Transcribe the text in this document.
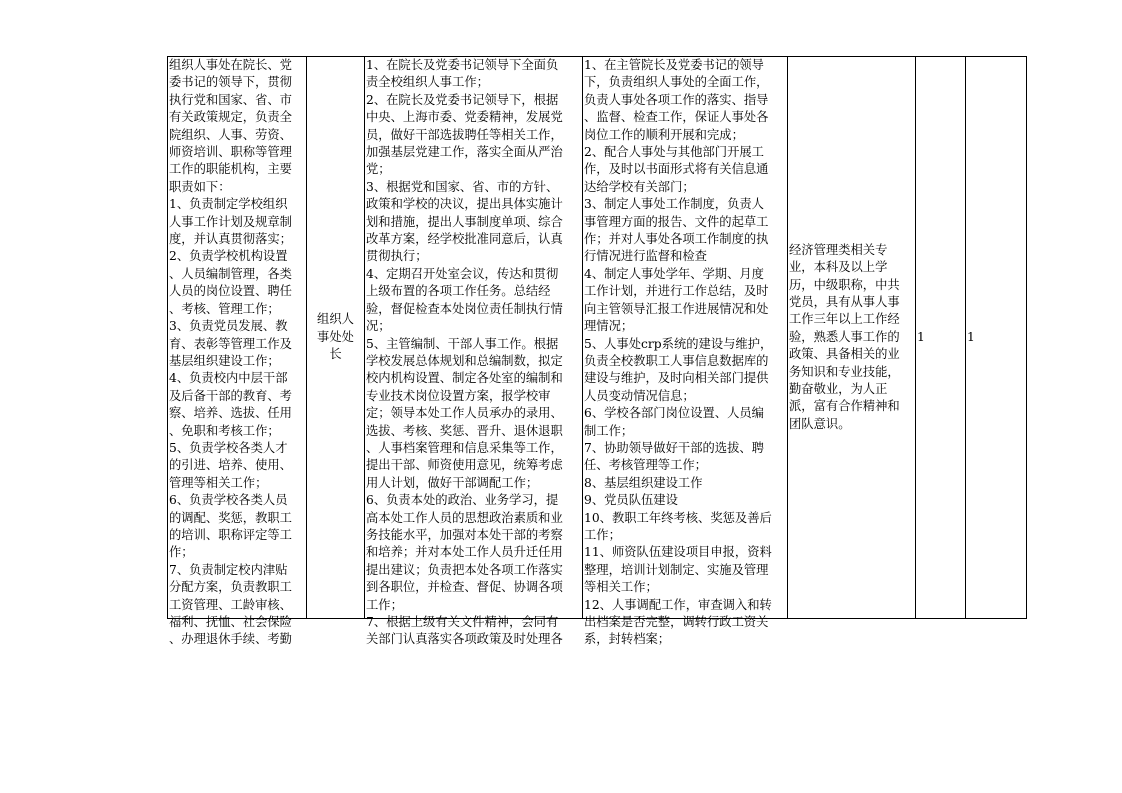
组织人事处在院长、党
委书记的领导下，贯彻
执行党和国家、省、市
有关政策规定，负责全
院组织、人事、劳资、
师资培训、职称等管理
工作的职能机构，主要
职责如下：
1、负责制定学校组织
人事工作计划及规章制
度，并认真贯彻落实；
2、负责学校机构设置
、人员编制管理，各类
人员的岗位设置、聘任
、考核、管理工作；
3、负责党员发展、教
育、表彰等管理工作及
基层组织建设工作；
4、负责校内中层干部
及后备干部的教育、考
察、培养、选拔、任用
、免职和考核工作；
5、负责学校各类人才
的引进、培养、使用、
管理等相关工作；
6、负责学校各类人员
的调配、奖惩，教职工
的培训、职称评定等工
作；
7、负责制定校内津贴
分配方案，负责教职工
工资管理、工龄审核、
福利、抚恤、社会保险
、办理退休手续、考勤

组织人
事处处
长

1、在院长及党委书记领导下全面负
责全校组织人事工作；
2、在院长及党委书记领导下，根据
中央、上海市委、党委精神，发展党
员，做好干部选拔聘任等相关工作，
加强基层党建工作，落实全面从严治
党；
3、根据党和国家、省、市的方针、
政策和学校的决议，提出具体实施计
划和措施，提出人事制度单项、综合
改革方案，经学校批准同意后，认真
贯彻执行；
4、定期召开处室会议，传达和贯彻
上级布置的各项工作任务。总结经
验，督促检查本处岗位责任制执行情
况；
5、主管编制、干部人事工作。根据
学校发展总体规划和总编制数，拟定
校内机构设置、制定各处室的编制和
专业技术岗位设置方案，报学校审
定；领导本处工作人员承办的录用、
选拔、考核、奖惩、晋升、退休退职
、人事档案管理和信息采集等工作，
提出干部、师资使用意见，统筹考虑
用人计划，做好干部调配工作；
6、负责本处的政治、业务学习，提
高本处工作人员的思想政治素质和业
务技能水平，加强对本处干部的考察
和培养；并对本处工作人员升迁任用
提出建议；负责把本处各项工作落实
到各职位，并检查、督促、协调各项
工作；
7、根据上级有关文件精神，会同有
关部门认真落实各项政策及时处理各

1、在主管院长及党委书记的领导
下，负责组织人事处的全面工作，
负责人事处各项工作的落实、指导
、监督、检查工作，保证人事处各
岗位工作的顺利开展和完成；
2、配合人事处与其他部门开展工
作，及时以书面形式将有关信息通
达给学校有关部门；
3、制定人事处工作制度，负责人
事管理方面的报告、文件的起草工
作；并对人事处各项工作制度的执
行情况进行监督和检查
4、制定人事处学年、学期、月度
工作计划，并进行工作总结，及时
向主管领导汇报工作进展情况和处
理情况；
5、人事处crp系统的建设与维护，
负责全校教职工人事信息数据库的
建设与维护，及时向相关部门提供
人员变动情况信息；
6、学校各部门岗位设置、人员编
制工作；
7、协助领导做好干部的选拔、聘
任、考核管理等工作；
8、基层组织建设工作
9、党员队伍建设
10、教职工年终考核、奖惩及善后
工作；
11、师资队伍建设项目申报，资料
整理，培训计划制定、实施及管理
等相关工作；
12、人事调配工作，审查调入和转
出档案是否完整，调转行政工资关
系，封转档案；

经济管理类相关专
业，本科及以上学
历，中级职称，中共
党员，具有从事人事
工作三年以上工作经
验，熟悉人事工作的
政策、具备相关的业
务知识和专业技能，
勤奋敬业，为人正
派，富有合作精神和
团队意识。
	1	1
